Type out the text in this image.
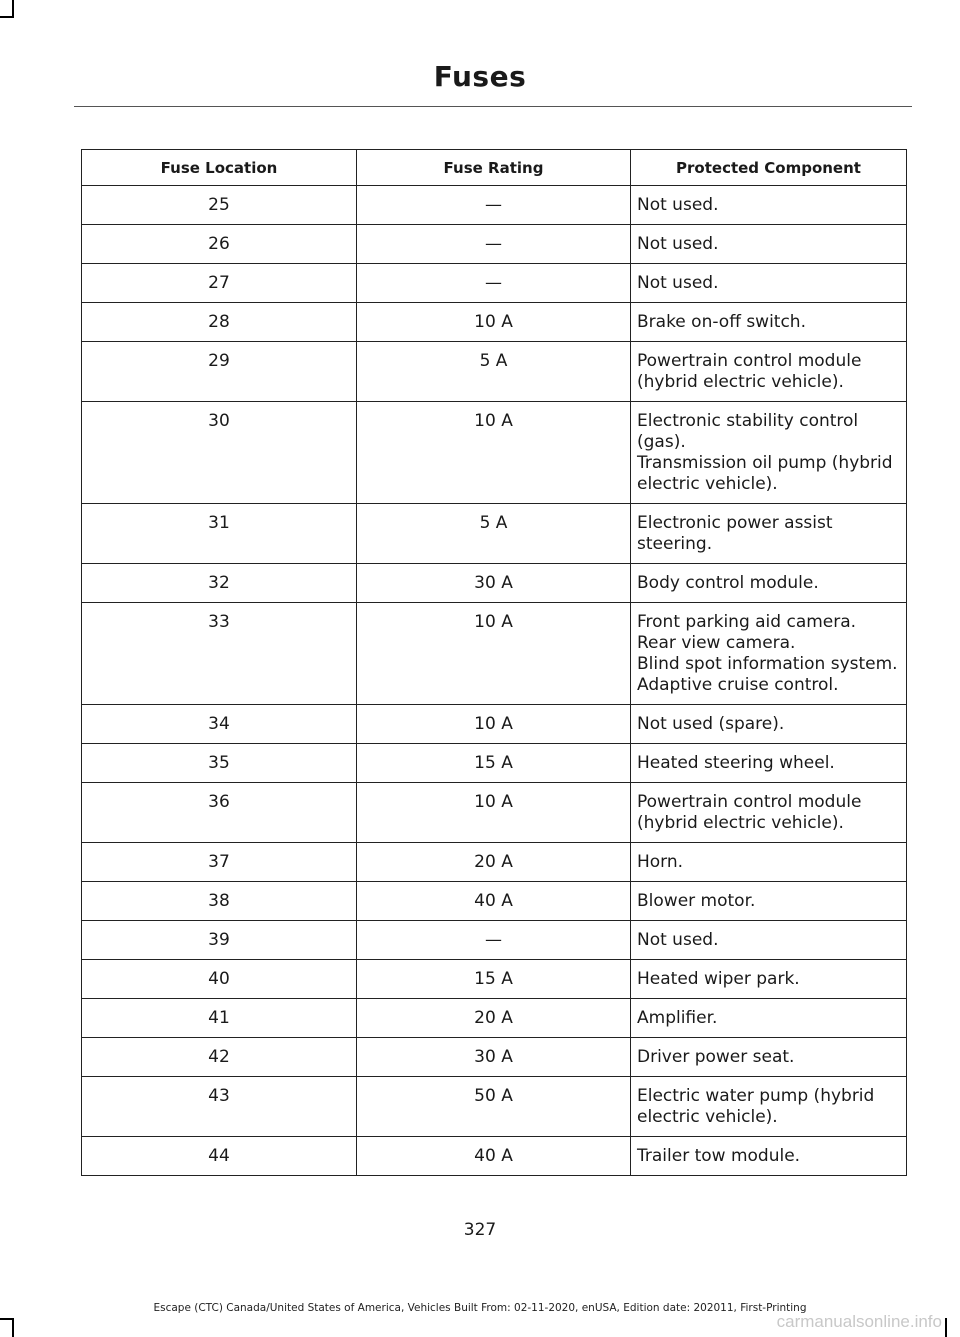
Fuses
Fuse Location	Fuse Rating	Protected Component
25	—	Not used.

26	—	Not used.

27	—	Not used.

28	10 A	Brake on-off switch.

29	5 A	Powertrain control module (hybrid electric vehicle).

30	10 A	Electronic stability control (gas).
Transmission oil pump (hybrid electric vehicle).

31	5 A	Electronic power assist steering.

32	30 A	Body control module.

33	10 A	Front parking aid camera.
Rear view camera.
Blind spot information system.
Adaptive cruise control.

34	10 A	Not used (spare).

35	15 A	Heated steering wheel.

36	10 A	Powertrain control module (hybrid electric vehicle).

37	20 A	Horn.

38	40 A	Blower motor.

39	—	Not used.

40	15 A	Heated wiper park.

41	20 A	Amplifier.

42	30 A	Driver power seat.

43	50 A	Electric water pump (hybrid electric vehicle).

44	40 A	Trailer tow module.
327
Escape (CTC) Canada/United States of America, Vehicles Built From: 02-11-2020, enUSA, Edition date: 202011, First-Printing
carmanualsonline.info
